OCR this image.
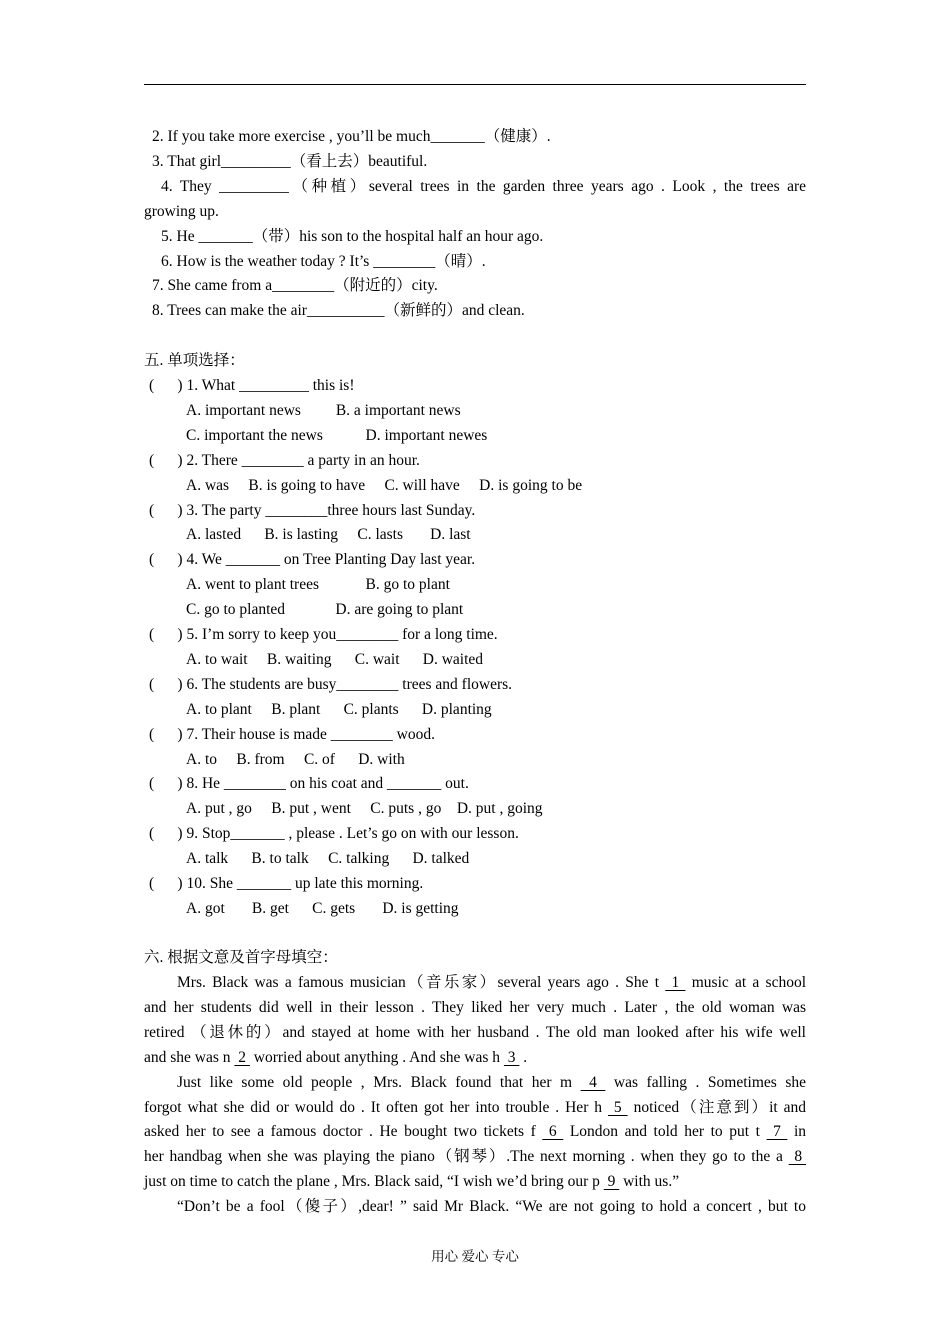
2. If you take more exercise , you’ll be much_______（健康）.
3. That girl_________（看上去）beautiful.
4. They _________（种植）several trees in the garden three years ago . Look , the trees are
growing up.
5. He _______（带）his son to the hospital half an hour ago.
6. How is the weather today ? It’s ________（晴）.
7. She came from a________（附近的）city.
8. Trees can make the air__________（新鲜的）and clean.
五. 单项选择：
(      ) 1. What _________ this is!
A. important news         B. a important news
C. important the news           D. important newes
(      ) 2. There ________ a party in an hour.
A. was     B. is going to have     C. will have     D. is going to be
(      ) 3. The party ________three hours last Sunday.
A. lasted      B. is lasting     C. lasts       D. last
(      ) 4. We _______ on Tree Planting Day last year.
A. went to plant trees            B. go to plant
C. go to planted             D. are going to plant
(      ) 5. I’m sorry to keep you________ for a long time.
A. to wait     B. waiting      C. wait      D. waited
(      ) 6. The students are busy________ trees and flowers.
A. to plant     B. plant      C. plants      D. planting
(      ) 7. Their house is made ________ wood.
A. to     B. from     C. of      D. with
(      ) 8. He ________ on his coat and _______ out.
A. put , go     B. put , went     C. puts , go    D. put , going
(      ) 9. Stop_______ , please . Let’s go on with our lesson.
A. talk      B. to talk     C. talking      D. talked
(      ) 10. She _______ up late this morning.
A. got       B. get      C. gets       D. is getting
六. 根据文意及首字母填空：
Mrs. Black was a famous musician（音乐家）several years ago . She t  1  music at a school
and her students did well in their lesson . They liked her very much . Later , the old woman was
retired （退休的）and stayed at home with her husband . The old man looked after his wife well
and she was n  2  worried about anything . And she was h  3  .
Just like some old people , Mrs. Black found that her m  4  was falling . Sometimes she
forgot what she did or would do . It often got her into trouble . Her h  5  noticed（注意到）it and
asked her to see a famous doctor . He bought two tickets f  6  London and told her to put t  7  in
her handbag when she was playing the piano（钢琴）.The next morning . when they go to the a  8
just on time to catch the plane , Mrs. Black said, “I wish we’d bring our p  9  with us.”
“Don’t be a fool（傻子）,dear! ” said Mr Black. “We are not going to hold a concert , but to
用心 爱心 专心
